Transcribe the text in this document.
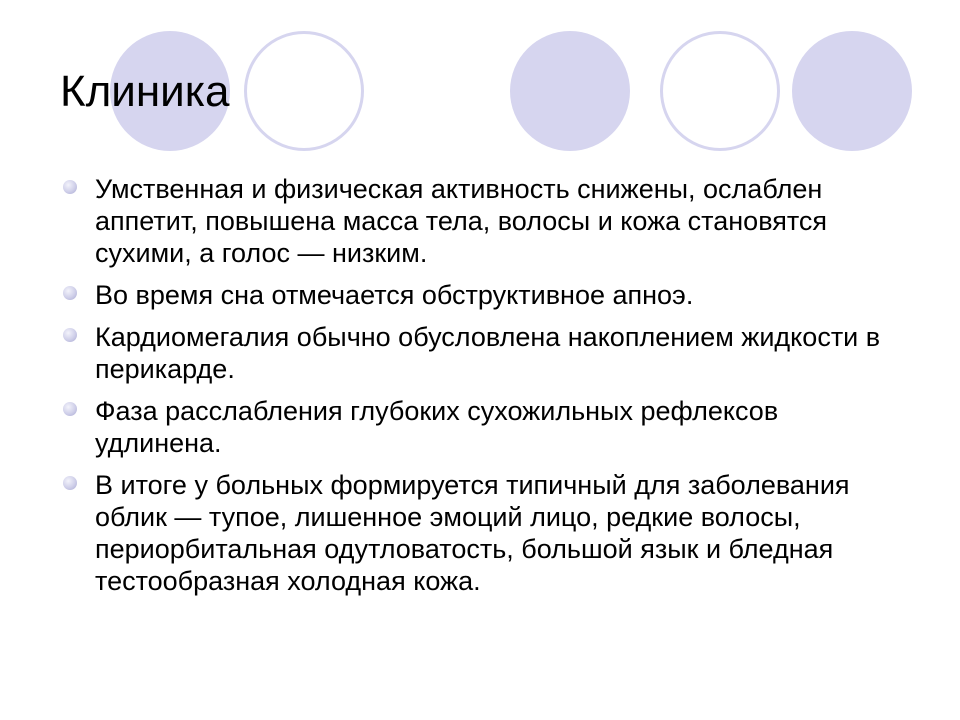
Клиника
Умственная и физическая активность снижены, ослаблен аппетит, повышена масса тела, волосы и кожа становятся сухими, а голос — низким.
Во время сна отмечается обструктивное апноэ.
Кардиомегалия обычно обусловлена накоплением жидкости в перикарде.
Фаза расслабления глубоких сухожильных рефлексов удлинена.
В итоге у больных формируется типичный для заболевания облик — тупое, лишенное эмоций лицо, редкие волосы, периорбитальная одутловатость, большой язык и бледная тестообразная холодная кожа.
